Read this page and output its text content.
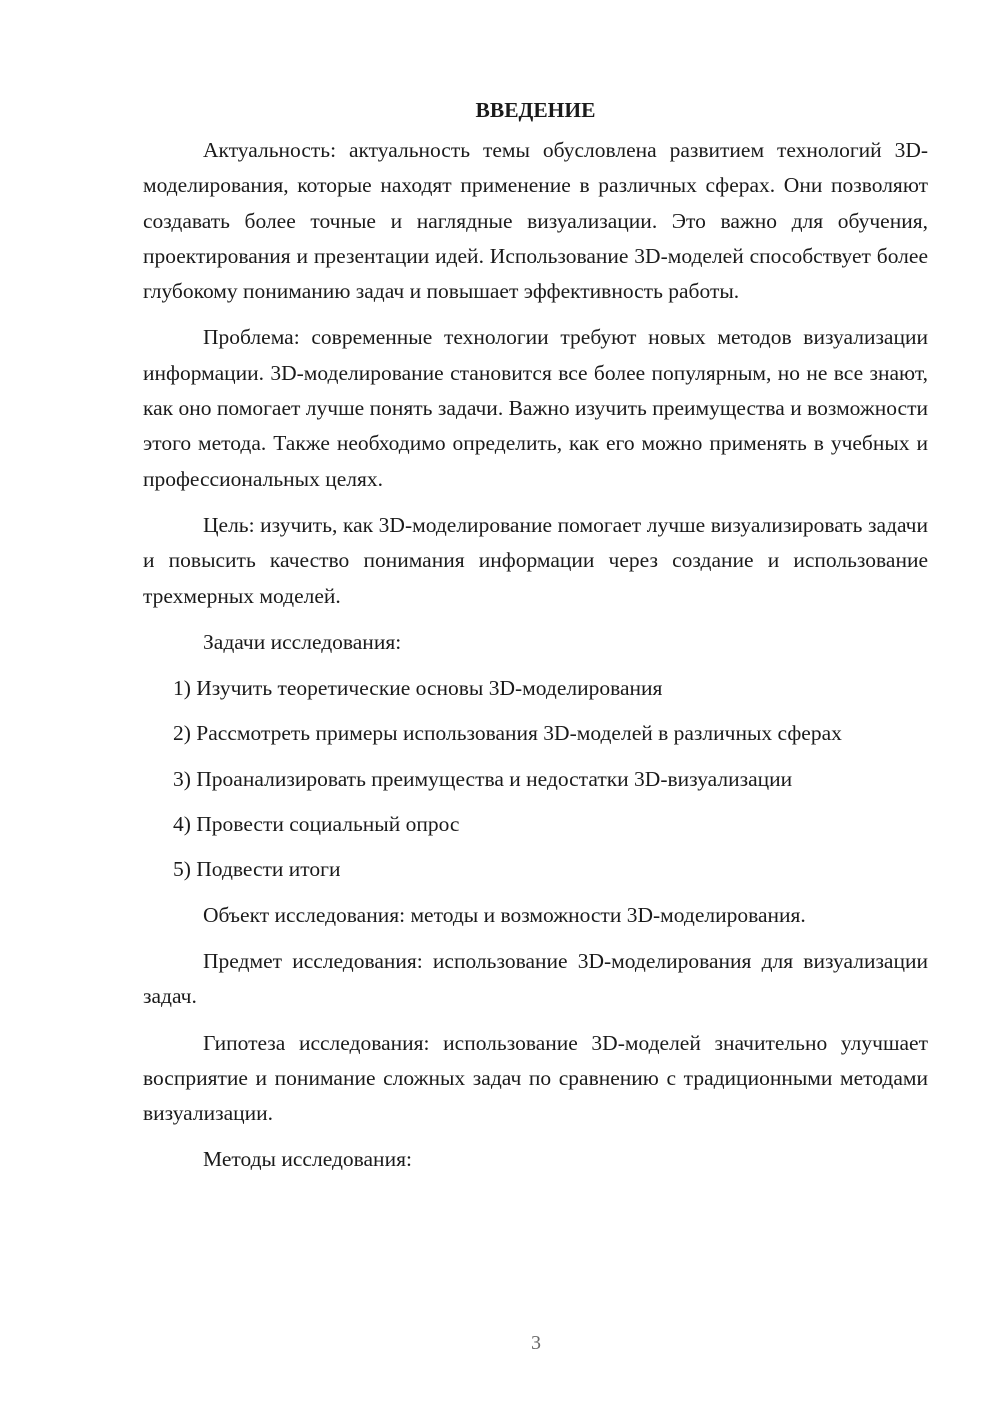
ВВЕДЕНИЕ

Актуальность: актуальность темы обусловлена развитием технологий 3D-моделирования, которые находят применение в различных сферах. Они позволяют создавать более точные и наглядные визуализации. Это важно для обучения, проектирования и презентации идей. Использование 3D-моделей способствует более глубокому пониманию задач и повышает эффективность работы.

Проблема: современные технологии требуют новых методов визуализации информации. 3D-моделирование становится все более популярным, но не все знают, как оно помогает лучше понять задачи. Важно изучить преимущества и возможности этого метода. Также необходимо определить, как его можно применять в учебных и профессиональных целях.

Цель: изучить, как 3D-моделирование помогает лучше визуализировать задачи и повысить качество понимания информации через создание и использование трехмерных моделей.

Задачи исследования:

1) Изучить теоретические основы 3D-моделирования

2) Рассмотреть примеры использования 3D-моделей в различных сферах

3) Проанализировать преимущества и недостатки 3D-визуализации

4) Провести социальный опрос

5) Подвести итоги

Объект исследования: методы и возможности 3D-моделирования.

Предмет исследования: использование 3D-моделирования для визуализации задач.

Гипотеза исследования: использование 3D-моделей значительно улучшает восприятие и понимание сложных задач по сравнению с традиционными методами визуализации.

Методы исследования:

3
